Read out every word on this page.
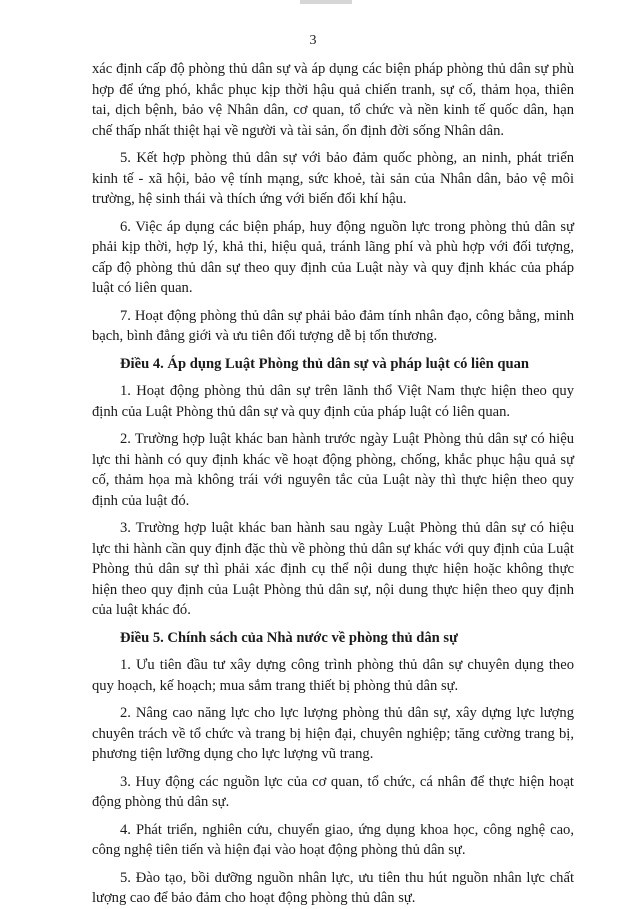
3

xác định cấp độ phòng thủ dân sự và áp dụng các biện pháp phòng thủ dân sự phù hợp để ứng phó, khắc phục kịp thời hậu quả chiến tranh, sự cố, thảm họa, thiên tai, dịch bệnh, bảo vệ Nhân dân, cơ quan, tổ chức và nền kinh tế quốc dân, hạn chế thấp nhất thiệt hại về người và tài sản, ổn định đời sống Nhân dân.

5. Kết hợp phòng thủ dân sự với bảo đảm quốc phòng, an ninh, phát triển kinh tế - xã hội, bảo vệ tính mạng, sức khoẻ, tài sản của Nhân dân, bảo vệ môi trường, hệ sinh thái và thích ứng với biến đổi khí hậu.

6. Việc áp dụng các biện pháp, huy động nguồn lực trong phòng thủ dân sự phải kịp thời, hợp lý, khả thi, hiệu quả, tránh lãng phí và phù hợp với đối tượng, cấp độ phòng thủ dân sự theo quy định của Luật này và quy định khác của pháp luật có liên quan.

7. Hoạt động phòng thủ dân sự phải bảo đảm tính nhân đạo, công bằng, minh bạch, bình đẳng giới và ưu tiên đối tượng dễ bị tổn thương.

Điều 4. Áp dụng Luật Phòng thủ dân sự và pháp luật có liên quan

1. Hoạt động phòng thủ dân sự trên lãnh thổ Việt Nam thực hiện theo quy định của Luật Phòng thủ dân sự và quy định của pháp luật có liên quan.

2. Trường hợp luật khác ban hành trước ngày Luật Phòng thủ dân sự có hiệu lực thi hành có quy định khác về hoạt động phòng, chống, khắc phục hậu quả sự cố, thảm họa mà không trái với nguyên tắc của Luật này thì thực hiện theo quy định của luật đó.

3. Trường hợp luật khác ban hành sau ngày Luật Phòng thủ dân sự có hiệu lực thi hành cần quy định đặc thù về phòng thủ dân sự khác với quy định của Luật Phòng thủ dân sự thì phải xác định cụ thể nội dung thực hiện hoặc không thực hiện theo quy định của Luật Phòng thủ dân sự, nội dung thực hiện theo quy định của luật khác đó.

Điều 5. Chính sách của Nhà nước về phòng thủ dân sự

1. Ưu tiên đầu tư xây dựng công trình phòng thủ dân sự chuyên dụng theo quy hoạch, kế hoạch; mua sắm trang thiết bị phòng thủ dân sự.

2. Nâng cao năng lực cho lực lượng phòng thủ dân sự, xây dựng lực lượng chuyên trách về tổ chức và trang bị hiện đại, chuyên nghiệp; tăng cường trang bị, phương tiện lưỡng dụng cho lực lượng vũ trang.

3. Huy động các nguồn lực của cơ quan, tổ chức, cá nhân để thực hiện hoạt động phòng thủ dân sự.

4. Phát triển, nghiên cứu, chuyển giao, ứng dụng khoa học, công nghệ cao, công nghệ tiên tiến và hiện đại vào hoạt động phòng thủ dân sự.

5. Đào tạo, bồi dưỡng nguồn nhân lực, ưu tiên thu hút nguồn nhân lực chất lượng cao để bảo đảm cho hoạt động phòng thủ dân sự.
